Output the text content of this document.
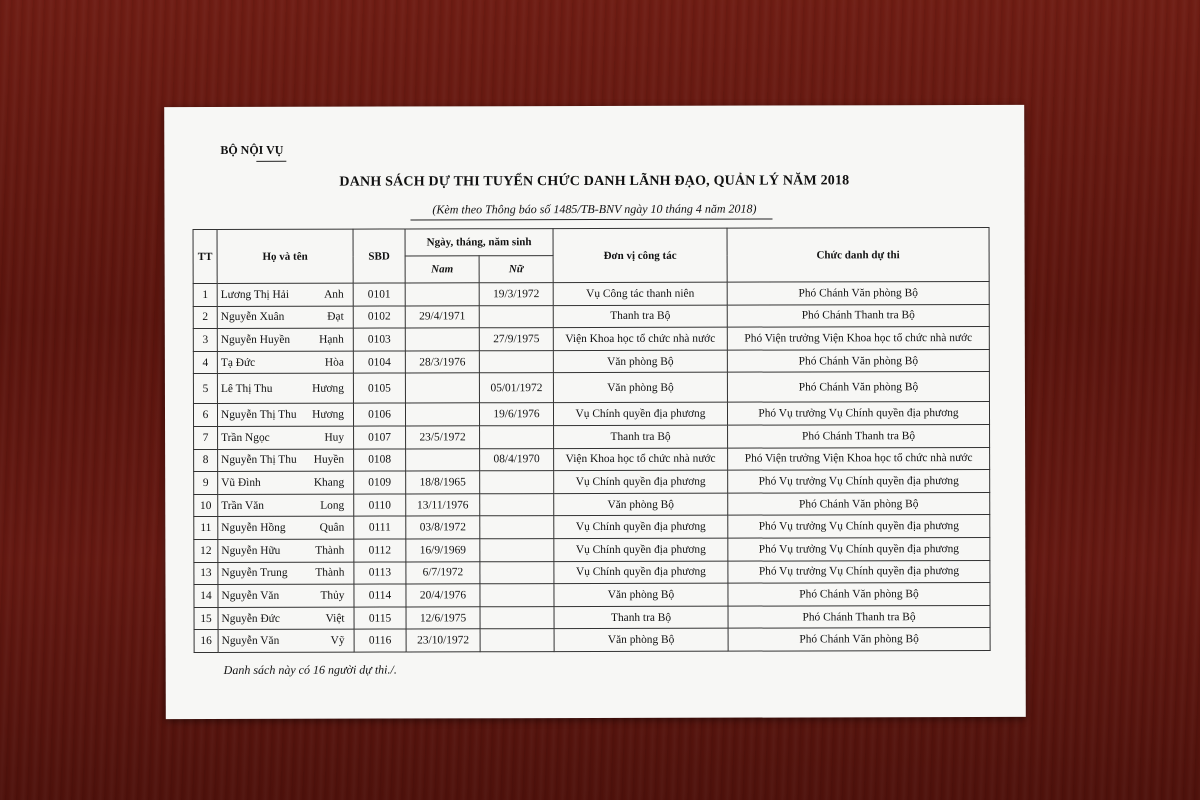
BỘ NỘI VỤ
DANH SÁCH DỰ THI TUYỂN CHỨC DANH LÃNH ĐẠO, QUẢN LÝ NĂM 2018
(Kèm theo Thông báo số 1485/TB-BNV ngày 10 tháng 4 năm 2018)
TT	Họ và tên	SBD	Ngày, tháng, năm sinh		Đơn vị công tác	Chức danh dự thi
			Nam	Nữ		
1	Lương Thị Hải Anh	0101		19/3/1972	Vụ Công tác thanh niên	Phó Chánh Văn phòng Bộ
2	Nguyễn Xuân Đạt	0102	29/4/1971		Thanh tra Bộ	Phó Chánh Thanh tra Bộ
3	Nguyễn Huyền Hạnh	0103		27/9/1975	Viện Khoa học tổ chức nhà nước	Phó Viện trưởng Viện Khoa học tổ chức nhà nước
4	Tạ Đức Hòa	0104	28/3/1976		Văn phòng Bộ	Phó Chánh Văn phòng Bộ
5	Lê Thị Thu Hương	0105		05/01/1972	Văn phòng Bộ	Phó Chánh Văn phòng Bộ
6	Nguyễn Thị Thu Hương	0106		19/6/1976	Vụ Chính quyền địa phương	Phó Vụ trưởng Vụ Chính quyền địa phương
7	Trần Ngọc Huy	0107	23/5/1972		Thanh tra Bộ	Phó Chánh Thanh tra Bộ
8	Nguyễn Thị Thu Huyền	0108		08/4/1970	Viện Khoa học tổ chức nhà nước	Phó Viện trưởng Viện Khoa học tổ chức nhà nước
9	Vũ Đình Khang	0109	18/8/1965		Vụ Chính quyền địa phương	Phó Vụ trưởng Vụ Chính quyền địa phương
10	Trần Văn Long	0110	13/11/1976		Văn phòng Bộ	Phó Chánh Văn phòng Bộ
11	Nguyễn Hồng Quân	0111	03/8/1972		Vụ Chính quyền địa phương	Phó Vụ trưởng Vụ Chính quyền địa phương
12	Nguyễn Hữu Thành	0112	16/9/1969		Vụ Chính quyền địa phương	Phó Vụ trưởng Vụ Chính quyền địa phương
13	Nguyễn Trung Thành	0113	6/7/1972		Vụ Chính quyền địa phương	Phó Vụ trưởng Vụ Chính quyền địa phương
14	Nguyễn Văn Thủy	0114	20/4/1976		Văn phòng Bộ	Phó Chánh Văn phòng Bộ
15	Nguyễn Đức Việt	0115	12/6/1975		Thanh tra Bộ	Phó Chánh Thanh tra Bộ
16	Nguyễn Văn Vỹ	0116	23/10/1972		Văn phòng Bộ	Phó Chánh Văn phòng Bộ
Danh sách này có 16 người dự thi./.
